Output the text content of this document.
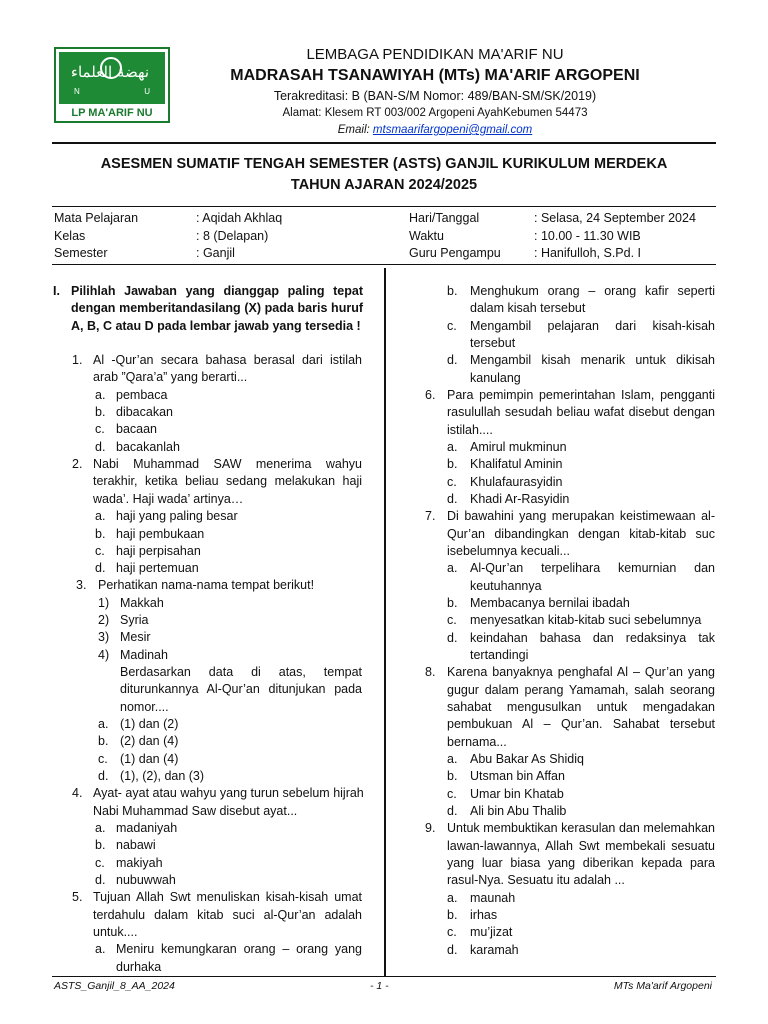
ﻧﻬﻀﺔ ﺍﻟﻌﻠﻤﺎﺀ
N	U
LP MA'ARIF NU
LEMBAGA PENDIDIKAN MA'ARIF NU
MADRASAH TSANAWIYAH (MTs) MA'ARIF ARGOPENI
Terakreditasi: B (BAN-S/M Nomor: 489/BAN-SM/SK/2019)
Alamat: Klesem RT 003/002 Argopeni AyahKebumen 54473
Email: mtsmaarifargopeni@gmail.com
ASESMEN SUMATIF TENGAH SEMESTER (ASTS) GANJIL KURIKULUM MERDEKA
TAHUN AJARAN 2024/2025
Mata Pelajaran	: Aqidah Akhlaq
Kelas	: 8 (Delapan)
Semester	: Ganjil
Hari/Tanggal	: Selasa, 24 September 2024
Waktu	: 10.00 - 11.30 WIB
Guru Pengampu	: Hanifulloh, S.Pd. I
I. Pilihlah Jawaban yang dianggap paling tepat
dengan memberitandasilang (X) pada baris huruf
A, B, C atau D pada lembar jawab yang tersedia !
1. Al -Qur’an secara bahasa berasal dari istilah
arab ”Qara’a” yang berarti...
a. pembaca
b. dibacakan
c. bacaan
d. bacakanlah
2. Nabi Muhammad SAW menerima wahyu
terakhir, ketika beliau sedang melakukan haji
wada’. Haji wada’ artinya…
a. haji yang paling besar
b. haji pembukaan
c. haji perpisahan
d. haji pertemuan
3. Perhatikan nama-nama tempat berikut!
1) Makkah
2) Syria
3) Mesir
4) Madinah
Berdasarkan data di atas, tempat
diturunkannya Al-Qur’an ditunjukan pada
nomor....
a. (1) dan (2)
b. (2) dan (4)
c. (1) dan (4)
d. (1), (2), dan (3)
4. Ayat- ayat atau wahyu yang turun sebelum hijrah
Nabi Muhammad Saw disebut ayat...
a. madaniyah
b. nabawi
c. makiyah
d. nubuwwah
5. Tujuan Allah Swt menuliskan kisah-kisah umat
terdahulu dalam kitab suci al-Qur’an adalah
untuk....
a. Meniru kemungkaran orang – orang yang
durhaka
b. Menghukum orang – orang kafir seperti
dalam kisah tersebut
c. Mengambil pelajaran dari kisah-kisah
tersebut
d. Mengambil kisah menarik untuk dikisah
kanulang
6. Para pemimpin pemerintahan Islam, pengganti
rasulullah sesudah beliau wafat disebut dengan
istilah....
a. Amirul mukminun
b. Khalifatul Aminin
c. Khulafaurasyidin
d. Khadi Ar-Rasyidin
7. Di bawahini yang merupakan keistimewaan al-
Qur’an dibandingkan dengan kitab-kitab suc
isebelumnya kecuali...
a. Al-Qur’an terpelihara kemurnian dan
keutuhannya
b. Membacanya bernilai ibadah
c. menyesatkan kitab-kitab suci sebelumnya
d. keindahan bahasa dan redaksinya tak
tertandingi
8. Karena banyaknya penghafal Al – Qur’an yang
gugur dalam perang Yamamah, salah seorang
sahabat mengusulkan untuk mengadakan
pembukuan Al – Qur’an. Sahabat tersebut
bernama...
a. Abu Bakar As Shidiq
b. Utsman bin Affan
c. Umar bin Khatab
d. Ali bin Abu Thalib
9. Untuk membuktikan kerasulan dan melemahkan
lawan-lawannya, Allah Swt membekali sesuatu
yang luar biasa yang diberikan kepada para
rasul-Nya. Sesuatu itu adalah ...
a. maunah
b. irhas
c. mu’jizat
d. karamah
ASTS_Ganjil_8_AA_2024	- 1 -	MTs Ma'arif Argopeni
